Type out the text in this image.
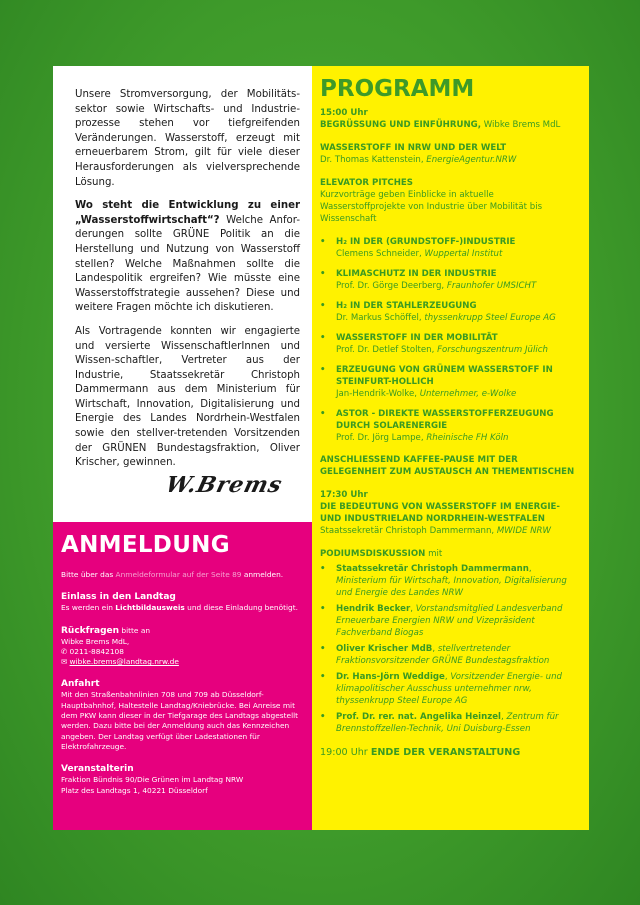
Unsere Stromversorgung, der Mobilitäts-sektor sowie Wirtschafts- und Industrie-prozesse stehen vor tiefgreifenden Veränderungen. Wasserstoff, erzeugt mit erneuerbarem Strom, gilt für viele dieser Herausforderungen als vielversprechende Lösung.

Wo steht die Entwicklung zu einer „Wasserstoffwirtschaft“? Welche Anfor-derungen sollte GRÜNE Politik an die Herstellung und Nutzung von Wasserstoff stellen? Welche Maßnahmen sollte die Landespolitik ergreifen? Wie müsste eine Wasserstoffstrategie aussehen? Diese und weitere Fragen möchte ich diskutieren.

Als Vortragende konnten wir engagierte und versierte WissenschaftlerInnen und Wissen-schaftler, Vertreter aus der Industrie, Staatssekretär Christoph Dammermann aus dem Ministerium für Wirtschaft, Innovation, Digitalisierung und Energie des Landes Nordrhein-Westfalen sowie den stellver-tretenden Vorsitzenden der GRÜNEN Bundestagsfraktion, Oliver Krischer, gewinnen.

W.Brems
ANMELDUNG
Bitte über das Anmeldeformular auf der Seite 89 anmelden.
Einlass in den Landtag
Es werden ein Lichtbildausweis und diese Einladung benötigt.
Rückfragen bitte an
Wibke Brems MdL,
✆ 0211-8842108
✉ wibke.brems@landtag.nrw.de
Anfahrt
Mit den Straßenbahnlinien 708 und 709 ab Düsseldorf-Hauptbahnhof, Haltestelle Landtag/Kniebrücke. Bei Anreise mit dem PKW kann dieser in der Tiefgarage des Landtags abgestellt werden. Dazu bitte bei der Anmeldung auch das Kennzeichen angeben. Der Landtag verfügt über Ladestationen für Elektrofahrzeuge.
Veranstalterin
Fraktion Bündnis 90/Die Grünen im Landtag NRW
Platz des Landtags 1, 40221 Düsseldorf
PROGRAMM
15:00 Uhr
BEGRÜSSUNG UND EINFÜHRUNG, Wibke Brems MdL
WASSERSTOFF IN NRW UND DER WELT
Dr. Thomas Kattenstein, EnergieAgentur.NRW
ELEVATOR PITCHES
Kurzvorträge geben Einblicke in aktuelle Wasserstoffprojekte von Industrie über Mobilität bis Wissenschaft
•	H₂ IN DER (GRUNDSTOFF-)INDUSTRIE
Clemens Schneider, Wuppertal Institut
•	KLIMASCHUTZ IN DER INDUSTRIE
Prof. Dr. Görge Deerberg, Fraunhofer UMSICHT
•	H₂ IN DER STAHLERZEUGUNG
Dr. Markus Schöffel, thyssenkrupp Steel Europe AG
•	WASSERSTOFF IN DER MOBILITÄT
Prof. Dr. Detlef Stolten, Forschungszentrum Jülich
•	ERZEUGUNG VON GRÜNEM WASSERSTOFF IN STEINFURT-HOLLICH
Jan-Hendrik-Wolke, Unternehmer, e-Wolke
•	ASTOR - DIREKTE WASSERSTOFFERZEUGUNG DURCH SOLARENERGIE
Prof. Dr. Jörg Lampe, Rheinische FH Köln
ANSCHLIESSEND KAFFEE-PAUSE MIT DER GELEGENHEIT ZUM AUSTAUSCH AN THEMENTISCHEN
17:30 Uhr
DIE BEDEUTUNG VON WASSERSTOFF IM ENERGIE- UND INDUSTRIELAND NORDRHEIN-WESTFALEN
Staatssekretär Christoph Dammermann, MWIDE NRW
PODIUMSDISKUSSION mit
•	Staatssekretär Christoph Dammermann, Ministerium für Wirtschaft, Innovation, Digitalisierung und Energie des Landes NRW
•	Hendrik Becker, Vorstandsmitglied Landesverband Erneuerbare Energien NRW und Vizepräsident Fachverband Biogas
•	Oliver Krischer MdB, stellvertretender Fraktionsvorsitzender GRÜNE Bundestagsfraktion
•	Dr. Hans-Jörn Weddige, Vorsitzender Energie- und klimapolitischer Ausschuss unternehmer nrw, thyssenkrupp Steel Europe AG
•	Prof. Dr. rer. nat. Angelika Heinzel, Zentrum für Brennstoffzellen-Technik, Uni Duisburg-Essen
19:00 Uhr ENDE DER VERANSTALTUNG
